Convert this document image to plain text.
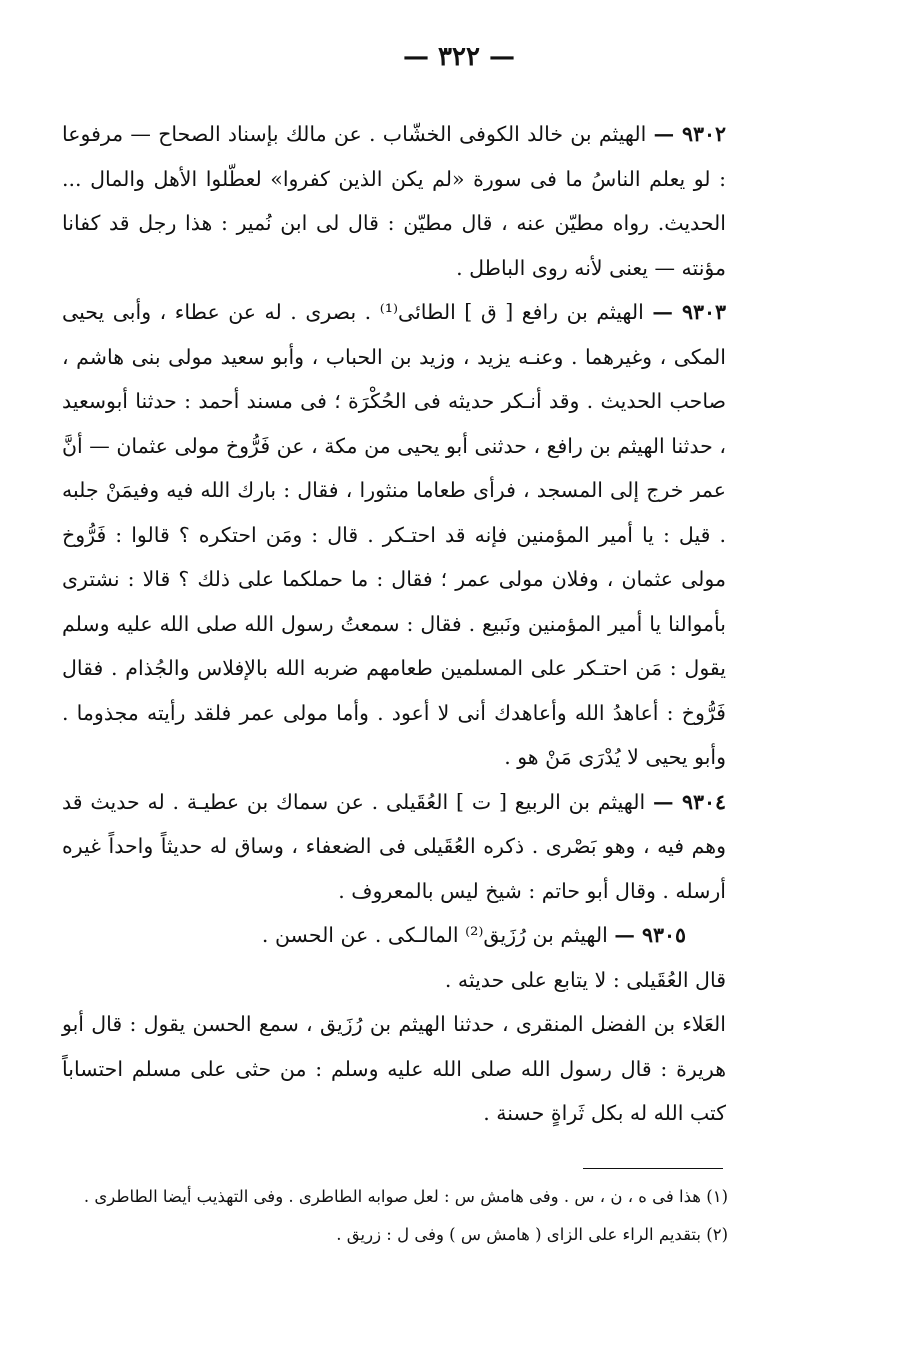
— ٣٢٢ —

٩٣٠٢ — الهيثم بن خالد الكوفى الخشّاب . عن مالك بإسناد الصحاح — مرفوعا : لو يعلم الناسُ ما فى سورة «لم يكن الذين كفروا» لعطّلوا الأهل والمال ... الحديث. رواه مطيّن عنه ، قال مطيّن : قال لى ابن نُمير : هذا رجل قد كفانا مؤنته — يعنى لأنه روى الباطل .

٩٣٠٣ — الهيثم بن رافع [ ق ] الطائى⁽¹⁾ . بصرى . له عن عطاء ، وأبى يحيى المكى ، وغيرهما . وعنـه يزيد ، وزيد بن الحباب ، وأبو سعيد مولى بنى هاشم ، صاحب الحديث . وقد أنـكر حديثه فى الحُكْرَة ؛ فى مسند أحمد : حدثنا أبوسعيد ، حدثنا الهيثم بن رافع ، حدثنى أبو يحيى من مكة ، عن فَرُّوخ مولى عثمان — أنَّ عمر خرج إلى المسجد ، فرأى طعاما منثورا ، فقال : بارك الله فيه وفيمَنْ جلبه . قيل : يا أمير المؤمنين فإنه قد احتـكر . قال : ومَن احتكره ؟ قالوا : فَرُّوخ مولى عثمان ، وفلان مولى عمر ؛ فقال : ما حملكما على ذلك ؟ قالا : نشترى بأموالنا يا أمير المؤمنين ونَبيع . فقال : سمعتُ رسول الله صلى الله عليه وسلم يقول : مَن احتـكر على المسلمين طعامهم ضربه الله بالإفلاس والجُذام . فقال فَرُّوخ : أعاهدُ الله وأعاهدك أنى لا أعود . وأما مولى عمر فلقد رأيته مجذوما . وأبو يحيى لا يُدْرَى مَنْ هو .

٩٣٠٤ — الهيثم بن الربيع [ ت ] العُقَيلى . عن سماك بن عطيـة . له حديث قد وهم فيه ، وهو بَصْرى . ذكره العُقَيلى فى الضعفاء ، وساق له حديثاً واحداً غيره أرسله . وقال أبو حاتم : شيخ ليس بالمعروف .

٩٣٠٥ — الهيثم بن رُزَيق⁽²⁾ المالـكى . عن الحسن .

قال العُقَيلى : لا يتابع على حديثه .

العَلاء بن الفضل المنقرى ، حدثنا الهيثم بن رُزَيق ، سمع الحسن يقول : قال أبو هريرة : قال رسول الله صلى الله عليه وسلم : من حثى على مسلم احتساباً كتب الله له بكل ثَراةٍ حسنة .

(١) هذا فى ه ، ن ، س . وفى هامش س : لعل صوابه الطاطرى . وفى التهذيب أيضا الطاطرى .

(٢) بتقديم الراء على الزاى ( هامش س ) وفى ل : زريق .
